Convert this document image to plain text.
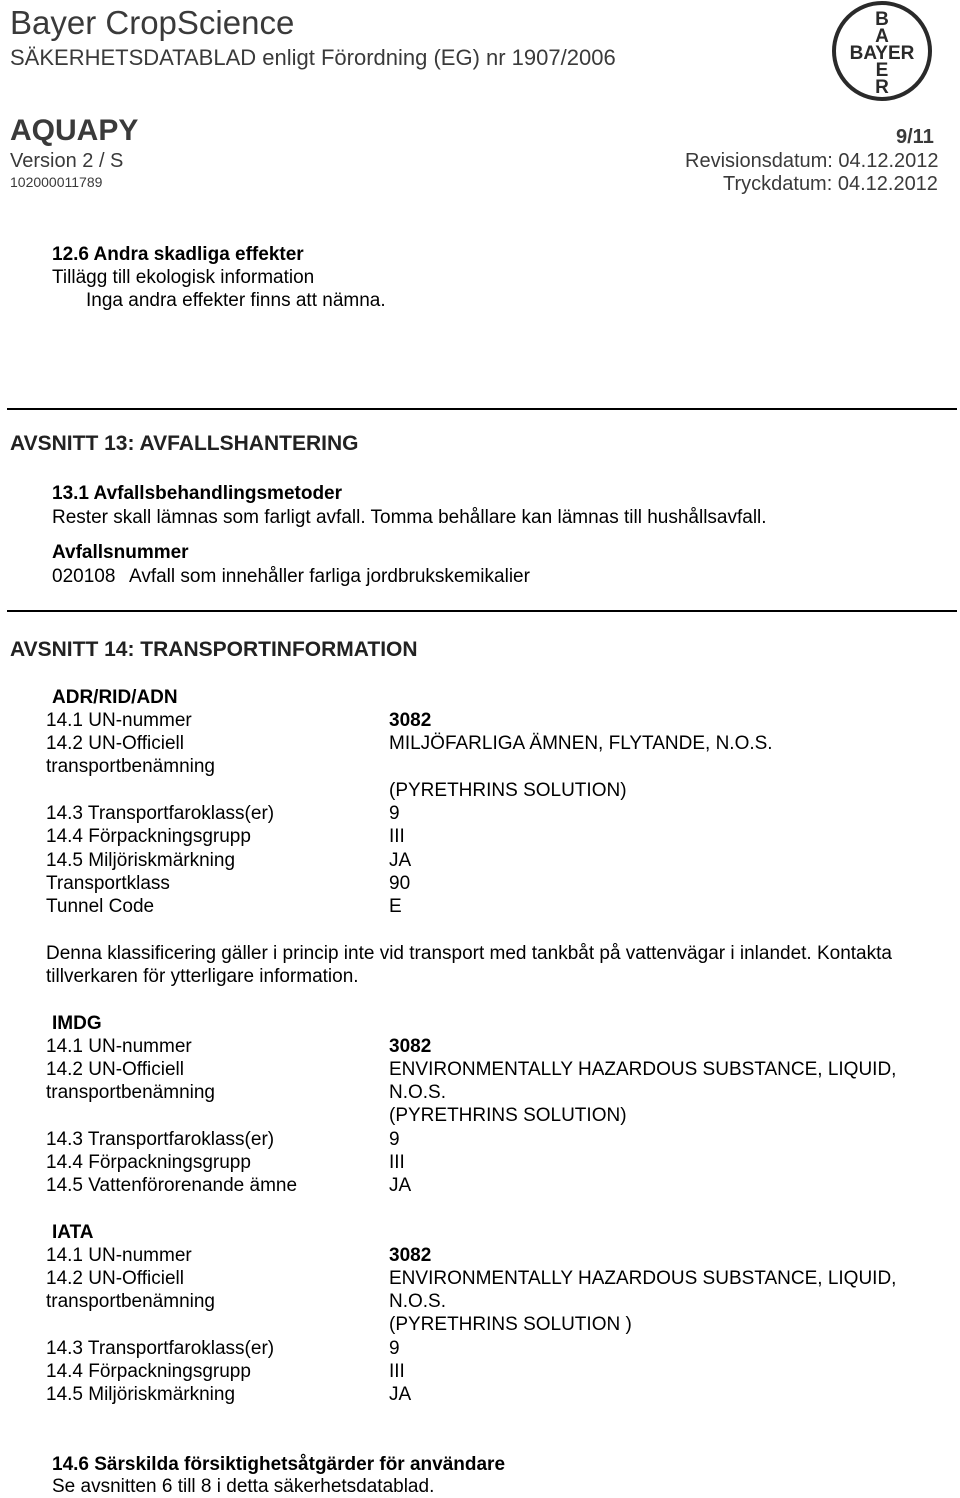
Bayer CropScience
SÄKERHETSDATABLAD enligt Förordning (EG) nr 1907/2006
B
A
BAYER
E
R
AQUAPY	9/11
Version 2 / S	Revisionsdatum: 04.12.2012
102000011789	Tryckdatum: 04.12.2012
12.6 Andra skadliga effekter
Tillägg till ekologisk information
Inga andra effekter finns att nämna.
AVSNITT 13: AVFALLSHANTERING
13.1 Avfallsbehandlingsmetoder
Rester skall lämnas som farligt avfall. Tomma behållare kan lämnas till hushållsavfall.
Avfallsnummer
020108 Avfall som innehåller farliga jordbrukskemikalier
AVSNITT 14: TRANSPORTINFORMATION
ADR/RID/ADN
14.1 UN-nummer	3082
14.2 UN-Officiell	MILJÖFARLIGA ÄMNEN, FLYTANDE, N.O.S.
transportbenämning
(PYRETHRINS SOLUTION)
14.3 Transportfaroklass(er)	9
14.4 Förpackningsgrupp	III
14.5 Miljöriskmärkning	JA
Transportklass	90
Tunnel Code	E
Denna klassificering gäller i princip inte vid transport med tankbåt på vattenvägar i inlandet. Kontakta
tillverkaren för ytterligare information.
IMDG
14.1 UN-nummer	3082
14.2 UN-Officiell	ENVIRONMENTALLY HAZARDOUS SUBSTANCE, LIQUID,
transportbenämning	N.O.S.
(PYRETHRINS SOLUTION)
14.3 Transportfaroklass(er)	9
14.4 Förpackningsgrupp	III
14.5 Vattenförorenande ämne	JA
IATA
14.1 UN-nummer	3082
14.2 UN-Officiell	ENVIRONMENTALLY HAZARDOUS SUBSTANCE, LIQUID,
transportbenämning	N.O.S.
(PYRETHRINS SOLUTION )
14.3 Transportfaroklass(er)	9
14.4 Förpackningsgrupp	III
14.5 Miljöriskmärkning	JA
14.6 Särskilda försiktighetsåtgärder för användare
Se avsnitten 6 till 8 i detta säkerhetsdatablad.
